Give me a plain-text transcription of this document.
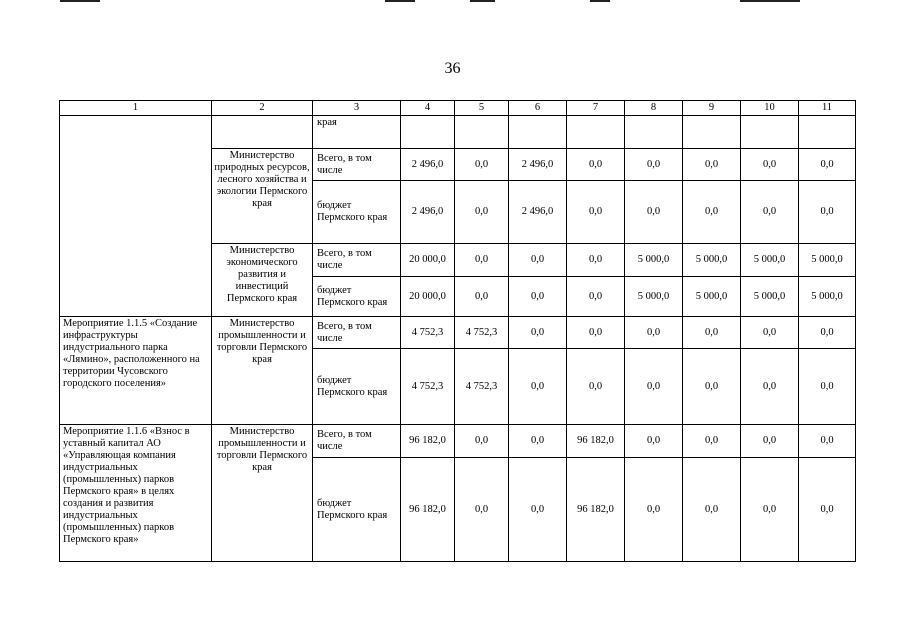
36
1	2	3	4	5	6	7	8	9	10	11
		края								
	Министерство природных ресурсов, лесного хозяйства и экологии Пермского края	Всего, в том числе	2 496,0	0,0	2 496,0	0,0	0,0	0,0	0,0	0,0
		бюджет Пермского края	2 496,0	0,0	2 496,0	0,0	0,0	0,0	0,0	0,0
	Министерство экономического развития и инвестиций Пермского края	Всего, в том числе	20 000,0	0,0	0,0	0,0	5 000,0	5 000,0	5 000,0	5 000,0
		бюджет Пермского края	20 000,0	0,0	0,0	0,0	5 000,0	5 000,0	5 000,0	5 000,0
Мероприятие 1.1.5 «Создание инфраструктуры индустриального парка «Лямино», расположенного на территории Чусовского городского поселения»	Министерство промышленности и торговли Пермского края	Всего, в том числе	4 752,3	4 752,3	0,0	0,0	0,0	0,0	0,0	0,0
		бюджет Пермского края	4 752,3	4 752,3	0,0	0,0	0,0	0,0	0,0	0,0
Мероприятие 1.1.6 «Взнос в уставный капитал АО «Управляющая компания индустриальных (промышленных) парков Пермского края» в целях создания и развития индустриальных (промышленных) парков Пермского края»	Министерство промышленности и торговли Пермского края	Всего, в том числе	96 182,0	0,0	0,0	96 182,0	0,0	0,0	0,0	0,0
		бюджет Пермского края	96 182,0	0,0	0,0	96 182,0	0,0	0,0	0,0	0,0
